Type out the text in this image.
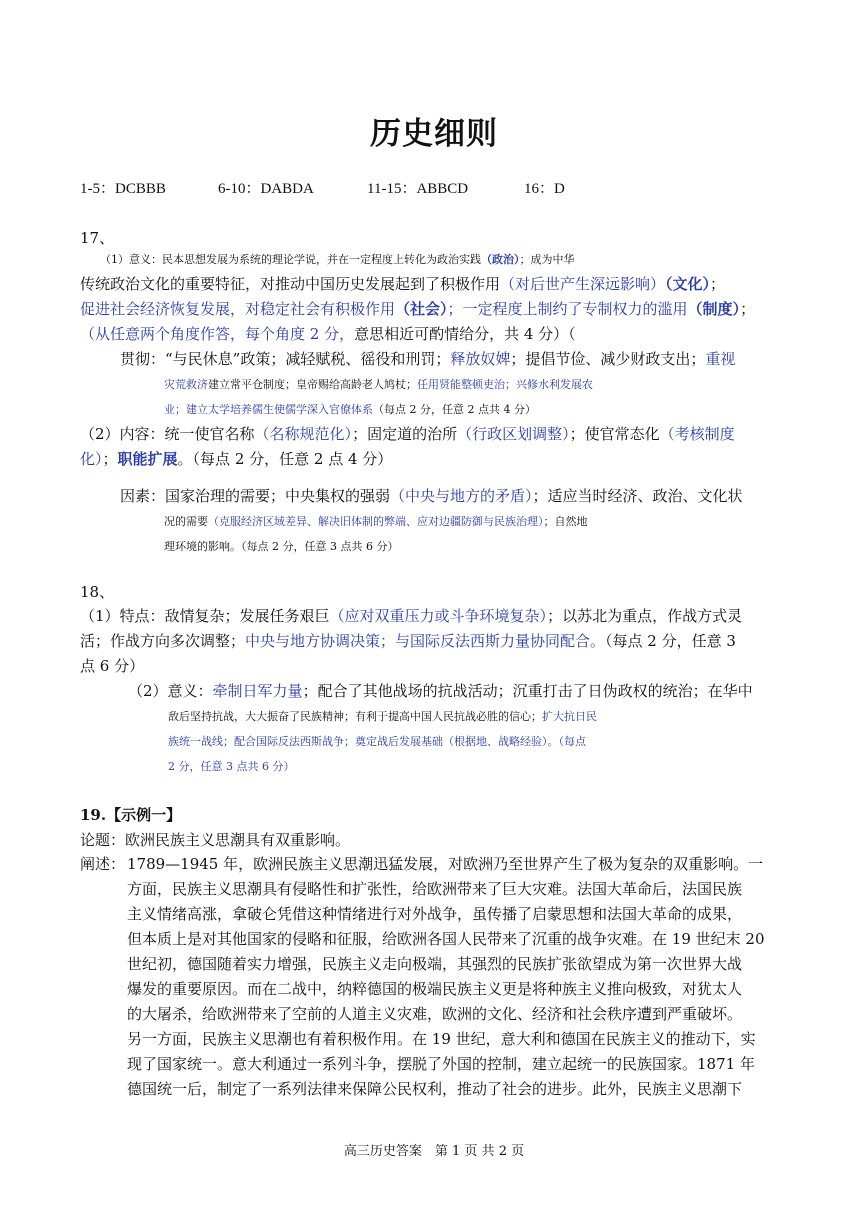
历史细则
1-5：DCBBB	6-10：DABDA	11-15：ABBCD	16：D
17、
（1）意义：民本思想发展为系统的理论学说，并在一定程度上转化为政治实践（政治）；成为中华
传统政治文化的重要特征，对推动中国历史发展起到了积极作用（对后世产生深远影响）（文化）；
促进社会经济恢复发展，对稳定社会有积极作用（社会）；一定程度上制约了专制权力的滥用（制度）；
（从任意两个角度作答，每个角度 2 分，意思相近可酌情给分，共 4 分）（
贯彻：“与民休息”政策；减轻赋税、徭役和刑罚；释放奴婢；提倡节俭、减少财政支出；重视
灾荒救济建立常平仓制度；皇帝赐给高龄老人鸠杖；任用贤能整顿吏治；兴修水利发展农
业；建立太学培养儒生使儒学深入官僚体系（每点 2 分，任意 2 点共 4 分）
（2）内容：统一使官名称（名称规范化）；固定道的治所（行政区划调整）；使官常态化（考核制度
化）；职能扩展。（每点 2 分，任意 2 点 4 分）
因素：国家治理的需要；中央集权的强弱（中央与地方的矛盾）；适应当时经济、政治、文化状
况的需要（克服经济区域差异、解决旧体制的弊端、应对边疆防御与民族治理）；自然地
理环境的影响。（每点 2 分，任意 3 点共 6 分）
18、
（1）特点：敌情复杂；发展任务艰巨（应对双重压力或斗争环境复杂）；以苏北为重点，作战方式灵
活；作战方向多次调整；中央与地方协调决策；与国际反法西斯力量协同配合。（每点 2 分，任意 3
点 6 分）
（2）意义：牵制日军力量；配合了其他战场的抗战活动；沉重打击了日伪政权的统治；在华中
敌后坚持抗战，大大振奋了民族精神；有利于提高中国人民抗战必胜的信心；扩大抗日民
族统一战线；配合国际反法西斯战争；奠定战后发展基础（根据地、战略经验）。（每点
2 分，任意 3 点共 6 分）
19.【示例一】
论题：欧洲民族主义思潮具有双重影响。
阐述： 1789—1945 年，欧洲民族主义思潮迅猛发展，对欧洲乃至世界产生了极为复杂的双重影响。一
方面，民族主义思潮具有侵略性和扩张性，给欧洲带来了巨大灾难。法国大革命后，法国民族
主义情绪高涨，拿破仑凭借这种情绪进行对外战争，虽传播了启蒙思想和法国大革命的成果，
但本质上是对其他国家的侵略和征服，给欧洲各国人民带来了沉重的战争灾难。在 19 世纪末 20
世纪初，德国随着实力增强，民族主义走向极端，其强烈的民族扩张欲望成为第一次世界大战
爆发的重要原因。而在二战中，纳粹德国的极端民族主义更是将种族主义推向极致，对犹太人
的大屠杀，给欧洲带来了空前的人道主义灾难，欧洲的文化、经济和社会秩序遭到严重破坏。
另一方面，民族主义思潮也有着积极作用。在 19 世纪，意大利和德国在民族主义的推动下，实
现了国家统一。意大利通过一系列斗争，摆脱了外国的控制，建立起统一的民族国家。1871 年
德国统一后，制定了一系列法律来保障公民权利，推动了社会的进步。此外，民族主义思潮下
高三历史答案　第 1 页 共 2 页
